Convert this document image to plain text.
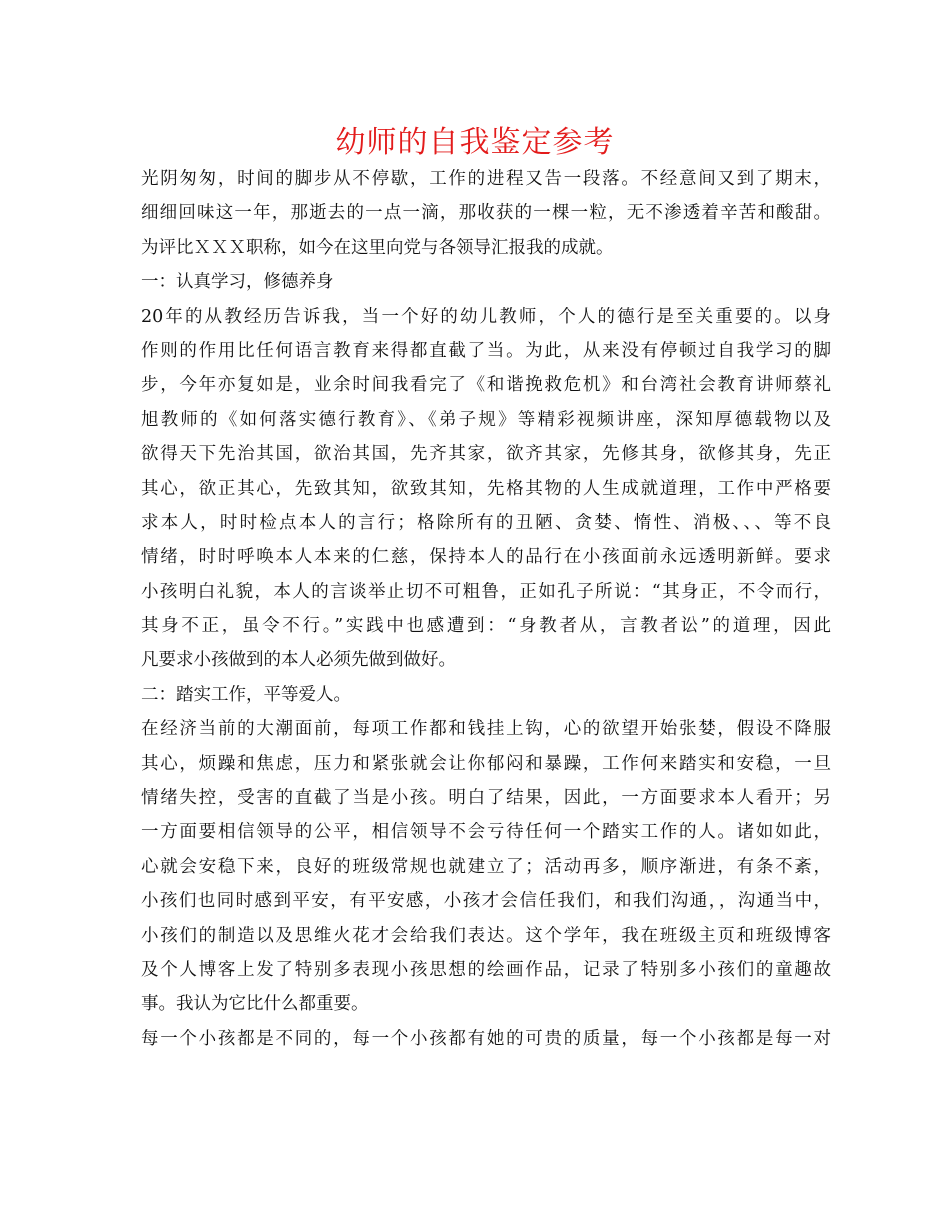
幼师的自我鉴定参考
光阴匆匆，时间的脚步从不停歇，工作的进程又告一段落。不经意间又到了期末，
细细回味这一年，那逝去的一点一滴，那收获的一棵一粒，无不渗透着辛苦和酸甜。
为评比ＸＸＸ职称，如今在这里向党与各领导汇报我的成就。
一：认真学习，修德养身
20年的从教经历告诉我，当一个好的幼儿教师，个人的德行是至关重要的。以身
作则的作用比任何语言教育来得都直截了当。为此，从来没有停顿过自我学习的脚
步，今年亦复如是，业余时间我看完了《和谐挽救危机》和台湾社会教育讲师蔡礼
旭教师的《如何落实德行教育》、《弟子规》等精彩视频讲座，深知厚德载物以及
欲得天下先治其国，欲治其国，先齐其家，欲齐其家，先修其身，欲修其身，先正
其心，欲正其心，先致其知，欲致其知，先格其物的人生成就道理，工作中严格要
求本人，时时检点本人的言行；格除所有的丑陋、贪婪、惰性、消极、、、等不良
情绪，时时呼唤本人本来的仁慈，保持本人的品行在小孩面前永远透明新鲜。要求
小孩明白礼貌，本人的言谈举止切不可粗鲁，正如孔子所说：“其身正，不令而行，
其身不正，虽令不行。”实践中也感遭到：“身教者从，言教者讼”的道理，因此
凡要求小孩做到的本人必须先做到做好。
二：踏实工作，平等爱人。
在经济当前的大潮面前，每项工作都和钱挂上钩，心的欲望开始张婪，假设不降服
其心，烦躁和焦虑，压力和紧张就会让你郁闷和暴躁，工作何来踏实和安稳，一旦
情绪失控，受害的直截了当是小孩。明白了结果，因此，一方面要求本人看开；另
一方面要相信领导的公平，相信领导不会亏待任何一个踏实工作的人。诸如如此，
心就会安稳下来，良好的班级常规也就建立了；活动再多，顺序渐进，有条不紊，
小孩们也同时感到平安，有平安感，小孩才会信任我们，和我们沟通，，沟通当中，
小孩们的制造以及思维火花才会给我们表达。这个学年，我在班级主页和班级博客
及个人博客上发了特别多表现小孩思想的绘画作品，记录了特别多小孩们的童趣故
事。我认为它比什么都重要。
每一个小孩都是不同的，每一个小孩都有她的可贵的质量，每一个小孩都是每一对
